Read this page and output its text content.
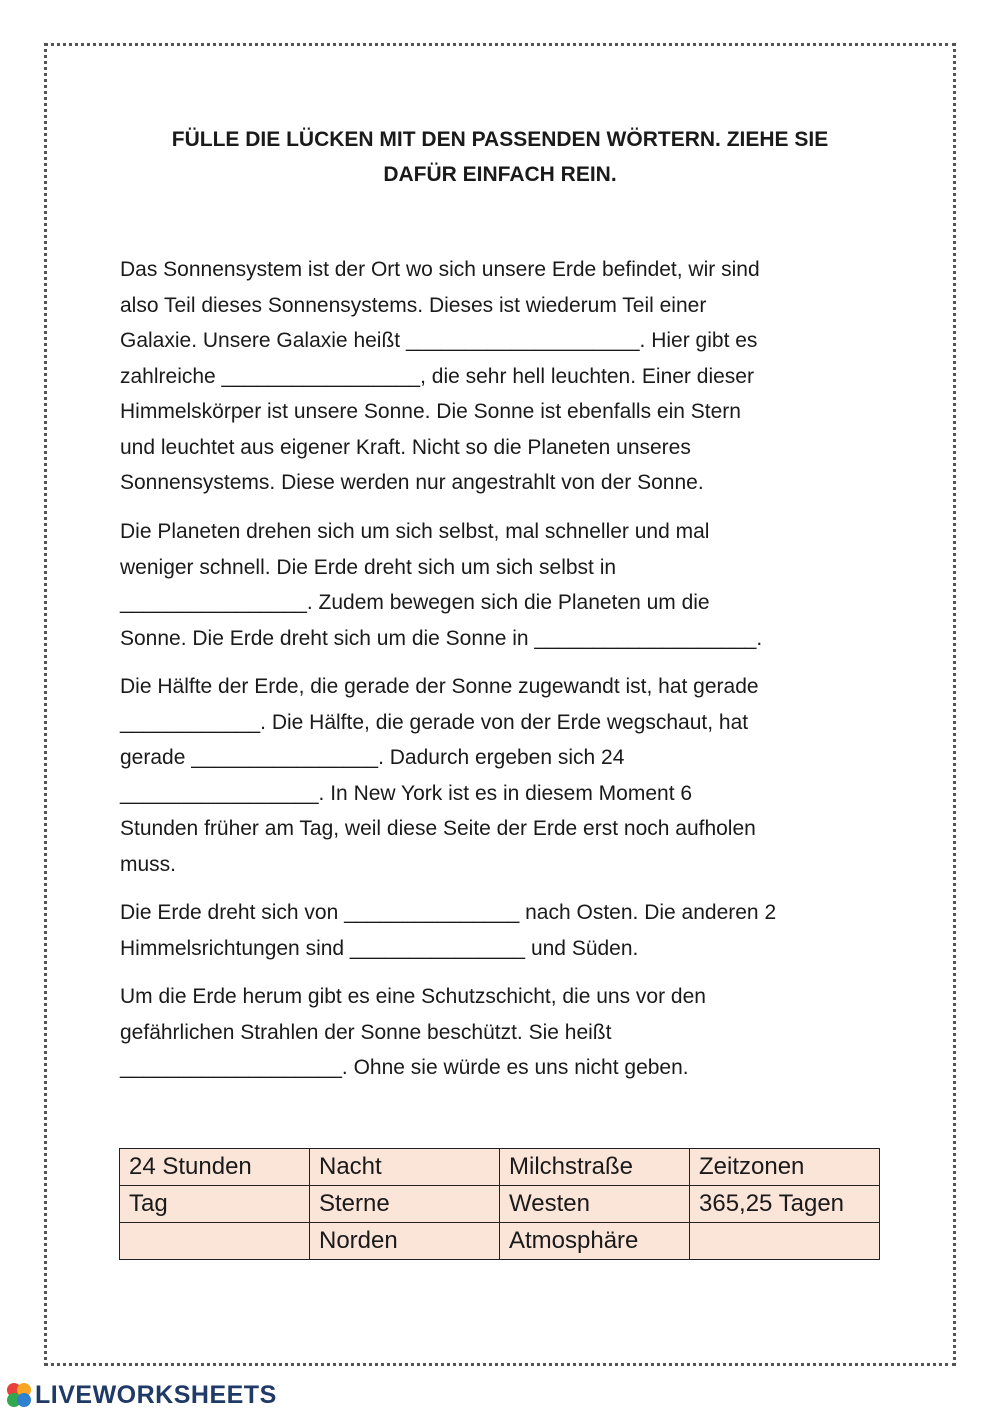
FÜLLE DIE LÜCKEN MIT DEN PASSENDEN WÖRTERN. ZIEHE SIE
DAFÜR EINFACH REIN.

Das Sonnensystem ist der Ort wo sich unsere Erde befindet, wir sind
also Teil dieses Sonnensystems. Dieses ist wiederum Teil einer
Galaxie. Unsere Galaxie heißt ____________________. Hier gibt es
zahlreiche _________________, die sehr hell leuchten. Einer dieser
Himmelskörper ist unsere Sonne. Die Sonne ist ebenfalls ein Stern
und leuchtet aus eigener Kraft. Nicht so die Planeten unseres
Sonnensystems. Diese werden nur angestrahlt von der Sonne.

Die Planeten drehen sich um sich selbst, mal schneller und mal
weniger schnell. Die Erde dreht sich um sich selbst in
________________. Zudem bewegen sich die Planeten um die
Sonne. Die Erde dreht sich um die Sonne in ___________________.

Die Hälfte der Erde, die gerade der Sonne zugewandt ist, hat gerade
____________. Die Hälfte, die gerade von der Erde wegschaut, hat
gerade ________________. Dadurch ergeben sich 24
_________________. In New York ist es in diesem Moment 6
Stunden früher am Tag, weil diese Seite der Erde erst noch aufholen
muss.

Die Erde dreht sich von _______________ nach Osten. Die anderen 2
Himmelsrichtungen sind _______________ und Süden.

Um die Erde herum gibt es eine Schutzschicht, die uns vor den
gefährlichen Strahlen der Sonne beschützt. Sie heißt
___________________. Ohne sie würde es uns nicht geben.

24 Stunden	Nacht	Milchstraße	Zeitzonen
Tag	Sterne	Westen	365,25 Tagen
	Norden	Atmosphäre	
LIVEWORKSHEETS
